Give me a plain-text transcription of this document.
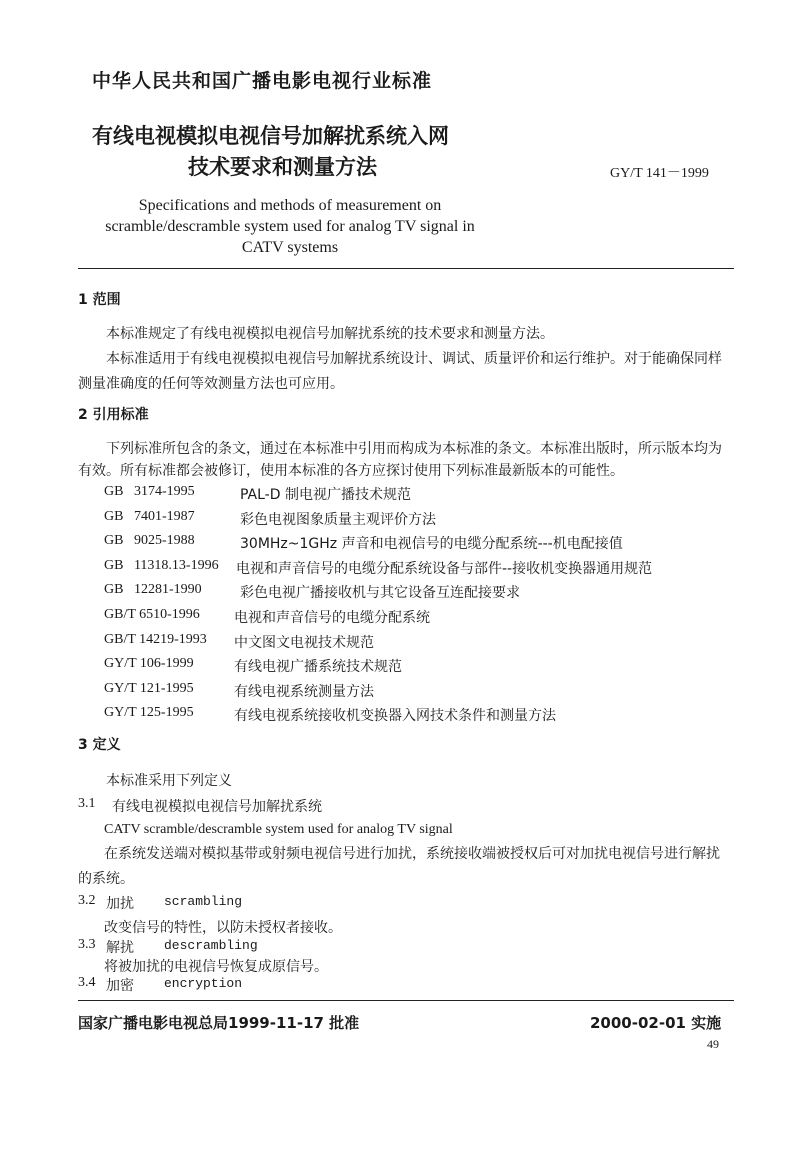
中华人民共和国广播电影电视行业标准
有线电视模拟电视信号加解扰系统入网
技术要求和测量方法	GY/T 141－1999
Specifications and methods of measurement on
scramble/descramble system used for analog TV signal in
CATV systems
1 范围
本标准规定了有线电视模拟电视信号加解扰系统的技术要求和测量方法。
本标准适用于有线电视模拟电视信号加解扰系统设计、调试、质量评价和运行维护。对于能确保同样测量准确度的任何等效测量方法也可应用。
2 引用标准
下列标准所包含的条文，通过在本标准中引用而构成为本标准的条文。本标准出版时，所示版本均为有效。所有标准都会被修订，使用本标准的各方应探讨使用下列标准最新版本的可能性。
GB   3174-1995	PAL-D 制电视广播技术规范
GB   7401-1987	彩色电视图象质量主观评价方法
GB   9025-1988	30MHz~1GHz 声音和电视信号的电缆分配系统---机电配接值
GB   11318.13-1996 电视和声音信号的电缆分配系统设备与部件--接收机变换器通用规范
GB   12281-1990	彩色电视广播接收机与其它设备互连配接要求
GB/T 6510-1996 电视和声音信号的电缆分配系统
GB/T 14219-1993 中文图文电视技术规范
GY/T 106-1999	有线电视广播系统技术规范
GY/T 121-1995	有线电视系统测量方法
GY/T 125-1995	有线电视系统接收机变换器入网技术条件和测量方法
3 定义
本标准采用下列定义
3.1 有线电视模拟电视信号加解扰系统
CATV scramble/descramble system used for analog TV signal
在系统发送端对模拟基带或射频电视信号进行加扰，系统接收端被授权后可对加扰电视信号进行解扰的系统。
3.2 加扰 scrambling
改变信号的特性，以防未授权者接收。
3.3 解扰 descrambling
将被加扰的电视信号恢复成原信号。
3.4 加密 encryption
国家广播电影电视总局1999-11-17 批准	2000-02-01 实施
49
